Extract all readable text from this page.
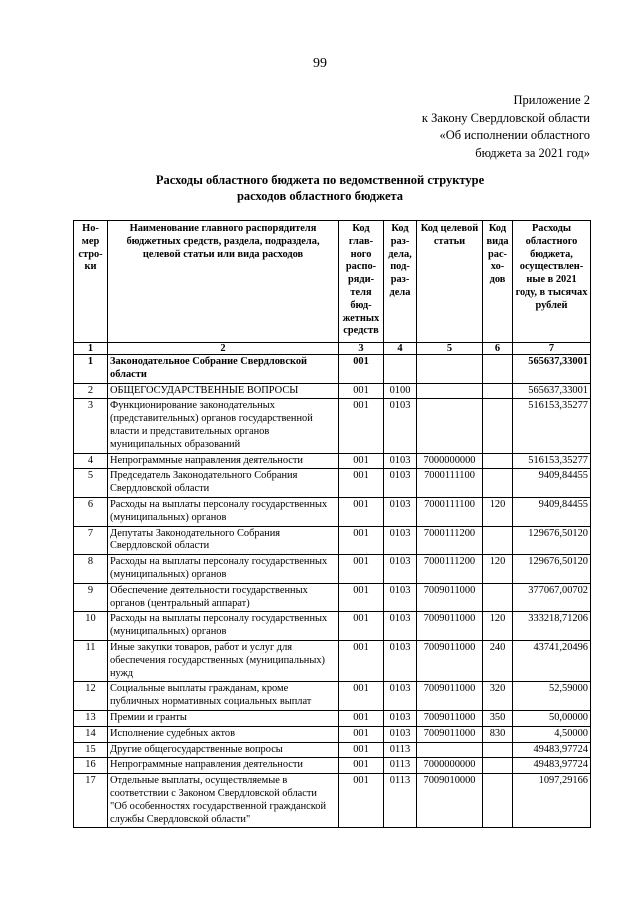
99
Приложение 2
к Закону Свердловской области
«Об исполнении областного
бюджета за 2021 год»
Расходы областного бюджета по ведомственной структуре
расходов областного бюджета
Но-мер стро-ки	Наименование главного распорядителя бюджетных средств, раздела, подраздела, целевой статьи или вида расходов	Код глав-ного распо-ряди-теля бюд-жетных средств	Код раз-дела, под-раз-дела	Код целевой статьи	Код вида рас-хо-дов	Расходы областного бюджета, осуществлен-ные в 2021 году, в тысячах рублей
1	2	3	4	5	6	7
1	Законодательное Собрание Свердловской области	001				565637,33001
2	ОБЩЕГОСУДАРСТВЕННЫЕ ВОПРОСЫ	001	0100			565637,33001
3	Функционирование законодательных (представительных) органов государственной власти и представительных органов муниципальных образований	001	0103			516153,35277
4	Непрограммные направления деятельности	001	0103	7000000000		516153,35277
5	Председатель Законодательного Собрания Свердловской области	001	0103	7000111100		9409,84455
6	Расходы на выплаты персоналу государственных (муниципальных) органов	001	0103	7000111100	120	9409,84455
7	Депутаты Законодательного Собрания Свердловской области	001	0103	7000111200		129676,50120
8	Расходы на выплаты персоналу государственных (муниципальных) органов	001	0103	7000111200	120	129676,50120
9	Обеспечение деятельности государственных органов (центральный аппарат)	001	0103	7009011000		377067,00702
10	Расходы на выплаты персоналу государственных (муниципальных) органов	001	0103	7009011000	120	333218,71206
11	Иные закупки товаров, работ и услуг для обеспечения государственных (муниципальных) нужд	001	0103	7009011000	240	43741,20496
12	Социальные выплаты гражданам, кроме публичных нормативных социальных выплат	001	0103	7009011000	320	52,59000
13	Премии и гранты	001	0103	7009011000	350	50,00000
14	Исполнение судебных актов	001	0103	7009011000	830	4,50000
15	Другие общегосударственные вопросы	001	0113			49483,97724
16	Непрограммные направления деятельности	001	0113	7000000000		49483,97724
17	Отдельные выплаты, осуществляемые в соответствии с Законом Свердловской области "Об особенностях государственной гражданской службы Свердловской области"	001	0113	7009010000		1097,29166
